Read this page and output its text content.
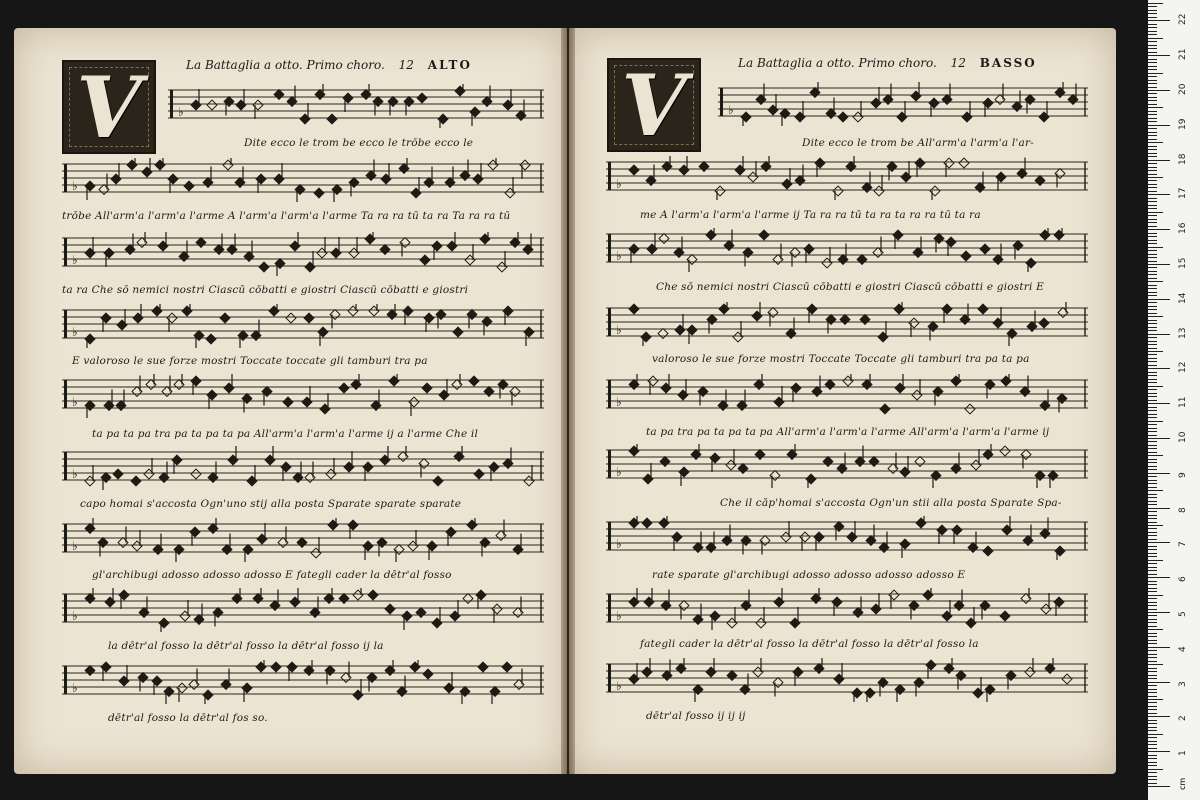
La Battaglia a otto. Primo choro. 12 ALTO	La Battaglia a otto. Primo choro. 12 BASSO
V	V
♭
Dite ecco le trom be ecco le trōbe ecco le
♭
trōbe All'arm'a l'arm'a l'arme A l'arm'a l'arm'a l'arme Ta ra ra tū ta ra Ta ra ra tū
♭
ta ra Che sō nemici nostri Ciascū cōbatti e giostri Ciascū cōbatti e giostri
♭
E valoroso le sue forze mostri Toccate toccate gli tamburi tra pa
♭
ta pa ta pa tra pa ta pa ta pa All'arm'a l'arm'a l'arme ij a l'arme Che il
♭
capo homai s'accosta Ogn'uno stij alla posta Sparate sparate sparate
♭
gl'archibugi adosso adosso adosso E fategli cader la dētr'al fosso
♭
la dētr'al fosso la dētr'al fosso la dētr'al fosso ij la
♭
dētr'al fosso la dētr'al fos so.
♭
Dite ecco le trom be All'arm'a l'arm'a l'ar-
♭
me A l'arm'a l'arm'a l'arme ij Ta ra ra tū ta ra ta ra ra tū ta ra
♭
Che sō nemici nostri Ciascū cōbatti e giostri Ciascū cōbatti e giostri E
♭
valoroso le sue forze mostri Toccate Toccate gli tamburi tra pa ta pa
♭
ta pa tra pa ta pa ta pa All'arm'a l'arm'a l'arme All'arm'a l'arm'a l'arme ij
♭
Che il cāp'homai s'accosta Ogn'un stii alla posta Sparate Spa-
♭
rate sparate gl'archibugi adosso adosso adosso adosso E
♭
fategli cader la dētr'al fosso la dētr'al fosso la dētr'al fosso la
♭
dētr'al fosso ij ij ij
1
2
3
4
5
6
7
8
9
10
11
12
13
14
15
16
17
18
19
20
21
22
cm
